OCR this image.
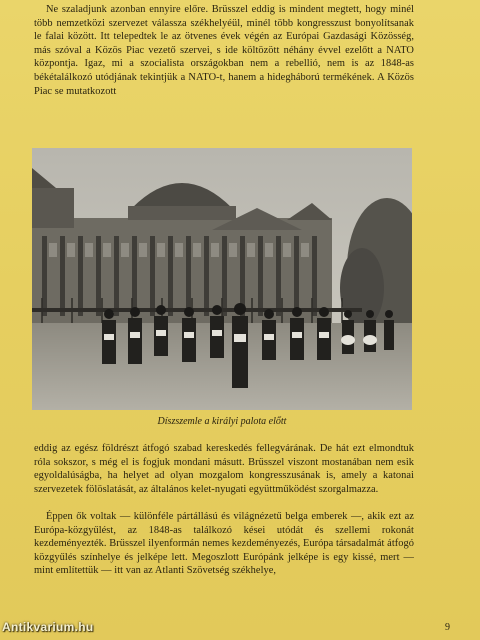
Ne szaladjunk azonban ennyire előre. Brüsszel eddig is mindent megtett, hogy minél több nemzetközi szervezet válassza székhelyéül, minél több kongresszust bonyolítsanak le falai között. Itt telepedtek le az ötvenes évek végén az Európai Gazdasági Közösség, más szóval a Közös Piac vezető szervei, s ide költözött néhány évvel ezelőtt a NATO központja. Igaz, mi a szocialista országokban nem a rebellió, nem is az 1848-as békétalálkozó utódjának tekintjük a NATO-t, hanem a hidegháború termékének. A Közös Piac se mutatkozott

Díszszemle a királyi palota előtt

eddig az egész földrészt átfogó szabad kereskedés fellegvárának. De hát ezt elmondtuk róla sokszor, s még el is fogjuk mondani másutt. Brüsszel viszont mostanában nem esik egyoldalúságba, ha helyet ad olyan mozgalom kongresszusának is, amely a katonai szervezetek fölöslatását, az általános kelet-nyugati együttműködést szorgalmazza.

Éppen ők voltak — különféle pártállású és világnézetű belga emberek —, akik ezt az Európa-közgyűlést, az 1848-as találkozó kései utódát és szellemi rokonát kezdeményezték. Brüsszel ilyenformán nemes kezdeményezés, Európa társadalmát átfogó közgyűlés színhelye és jelképe lett. Megoszlott Európánk jelképe is egy kissé, mert — mint említettük — itt van az Atlanti Szövetség székhelye,

9
Antikvarium.hu
